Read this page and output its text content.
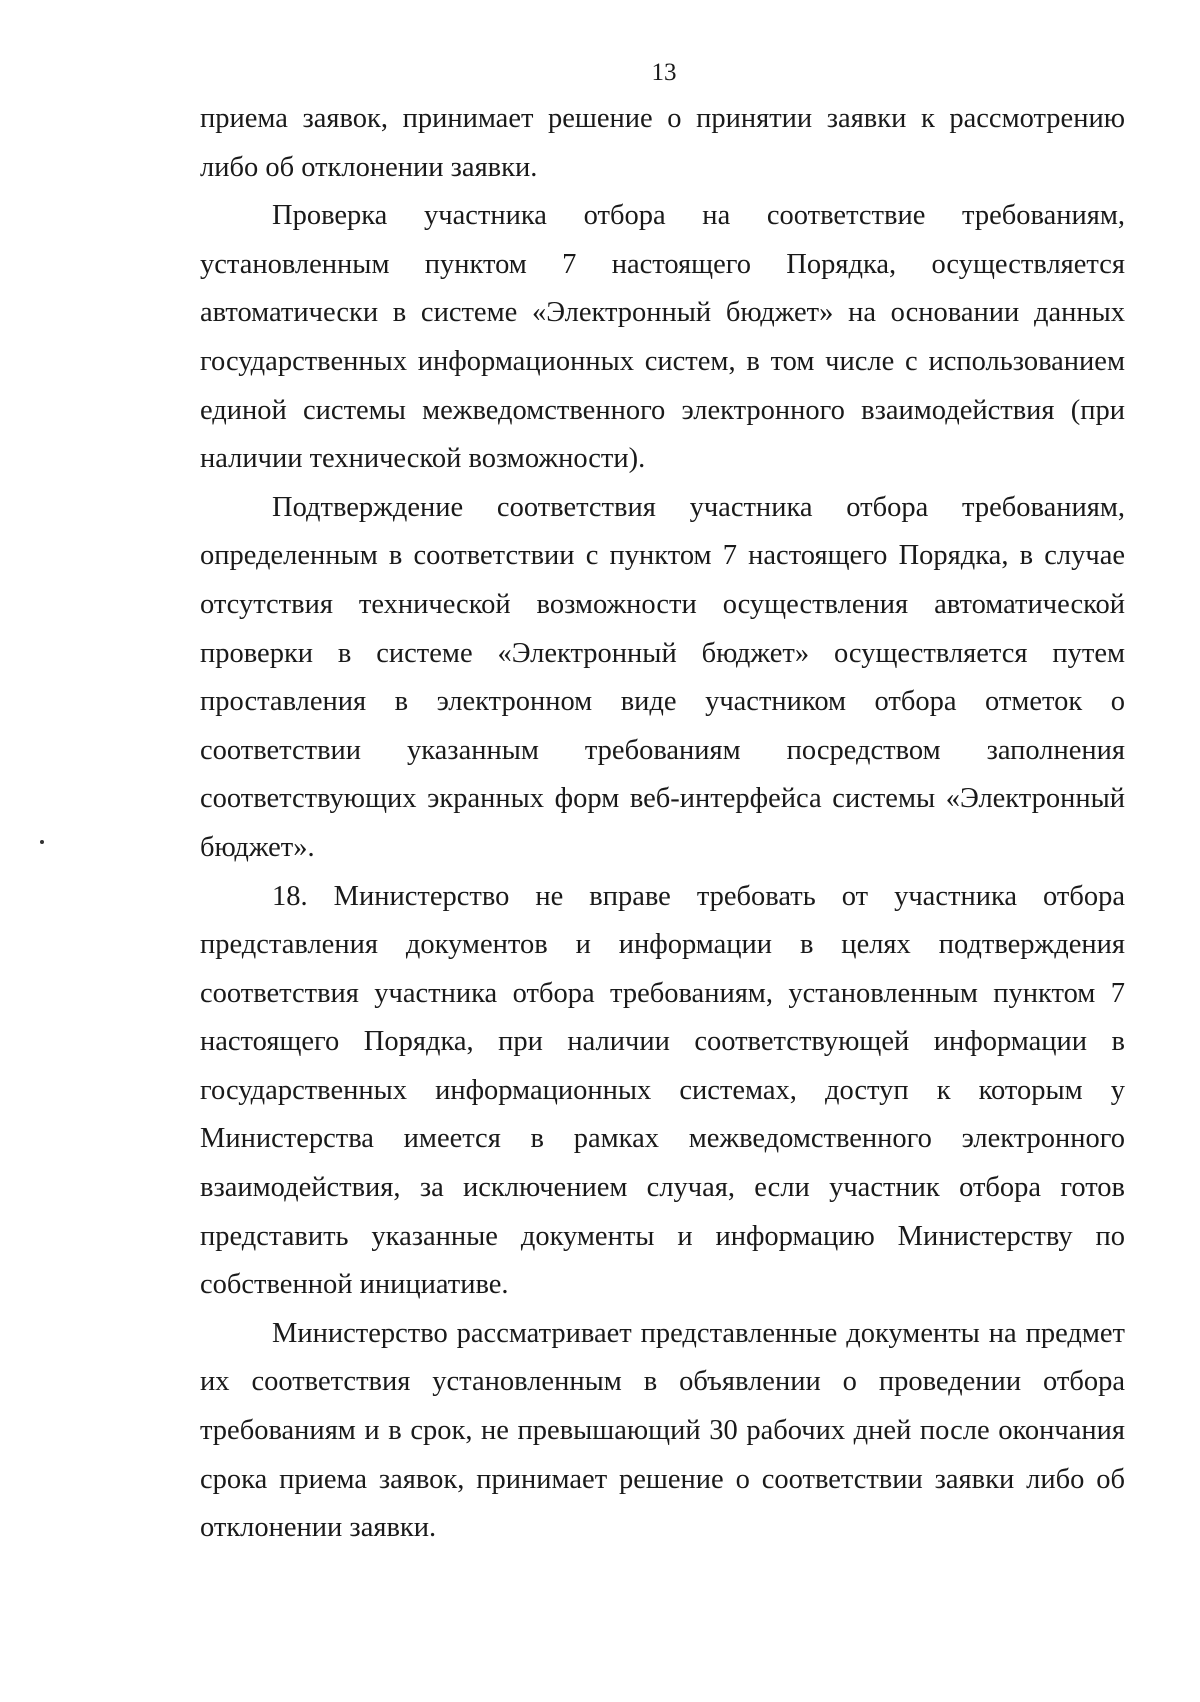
13

приема заявок, принимает решение о принятии заявки к рассмотрению либо об отклонении заявки.

Проверка участника отбора на соответствие требованиям, установленным пунктом 7 настоящего Порядка, осуществляется автоматически в системе «Электронный бюджет» на основании данных государственных информационных систем, в том числе с использованием единой системы межведомственного электронного взаимодействия (при наличии технической возможности).

Подтверждение соответствия участника отбора требованиям, определенным в соответствии с пунктом 7 настоящего Порядка, в случае отсутствия технической возможности осуществления автоматической проверки в системе «Электронный бюджет» осуществляется путем проставления в электронном виде участником отбора отметок о соответствии указанным требованиям посредством заполнения соответствующих экранных форм веб-интерфейса системы «Электронный бюджет».

18. Министерство не вправе требовать от участника отбора представления документов и информации в целях подтверждения соответствия участника отбора требованиям, установленным пунктом 7 настоящего Порядка, при наличии соответствующей информации в государственных информационных системах, доступ к которым у Министерства имеется в рамках межведомственного электронного взаимодействия, за исключением случая, если участник отбора готов представить указанные документы и информацию Министерству по собственной инициативе.

Министерство рассматривает представленные документы на предмет их соответствия установленным в объявлении о проведении отбора требованиям и в срок, не превышающий 30 рабочих дней после окончания срока приема заявок, принимает решение о соответствии заявки либо об отклонении заявки.
